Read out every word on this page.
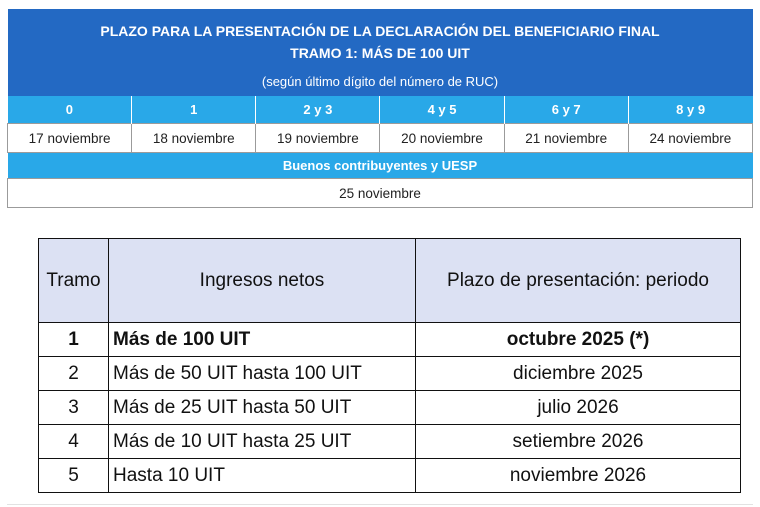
PLAZO PARA LA PRESENTACIÓN DE LA DECLARACIÓN DEL BENEFICIARIO FINAL					
TRAMO 1: MÁS DE 100 UIT					
(según último dígito del número de RUC)					
0	1	2 y 3	4 y 5	6 y 7	8 y 9
17 noviembre	18 noviembre	19 noviembre	20 noviembre	21 noviembre	24 noviembre
Buenos contribuyentes y UESP					
25 noviembre					
Tramo	Ingresos netos	Plazo de presentación: periodo
1	Más de 100 UIT	octubre 2025 (*)
2	Más de 50 UIT hasta 100 UIT	diciembre 2025
3	Más de 25 UIT hasta 50 UIT	julio 2026
4	Más de 10 UIT hasta 25 UIT	setiembre 2026
5	Hasta 10 UIT	noviembre 2026
